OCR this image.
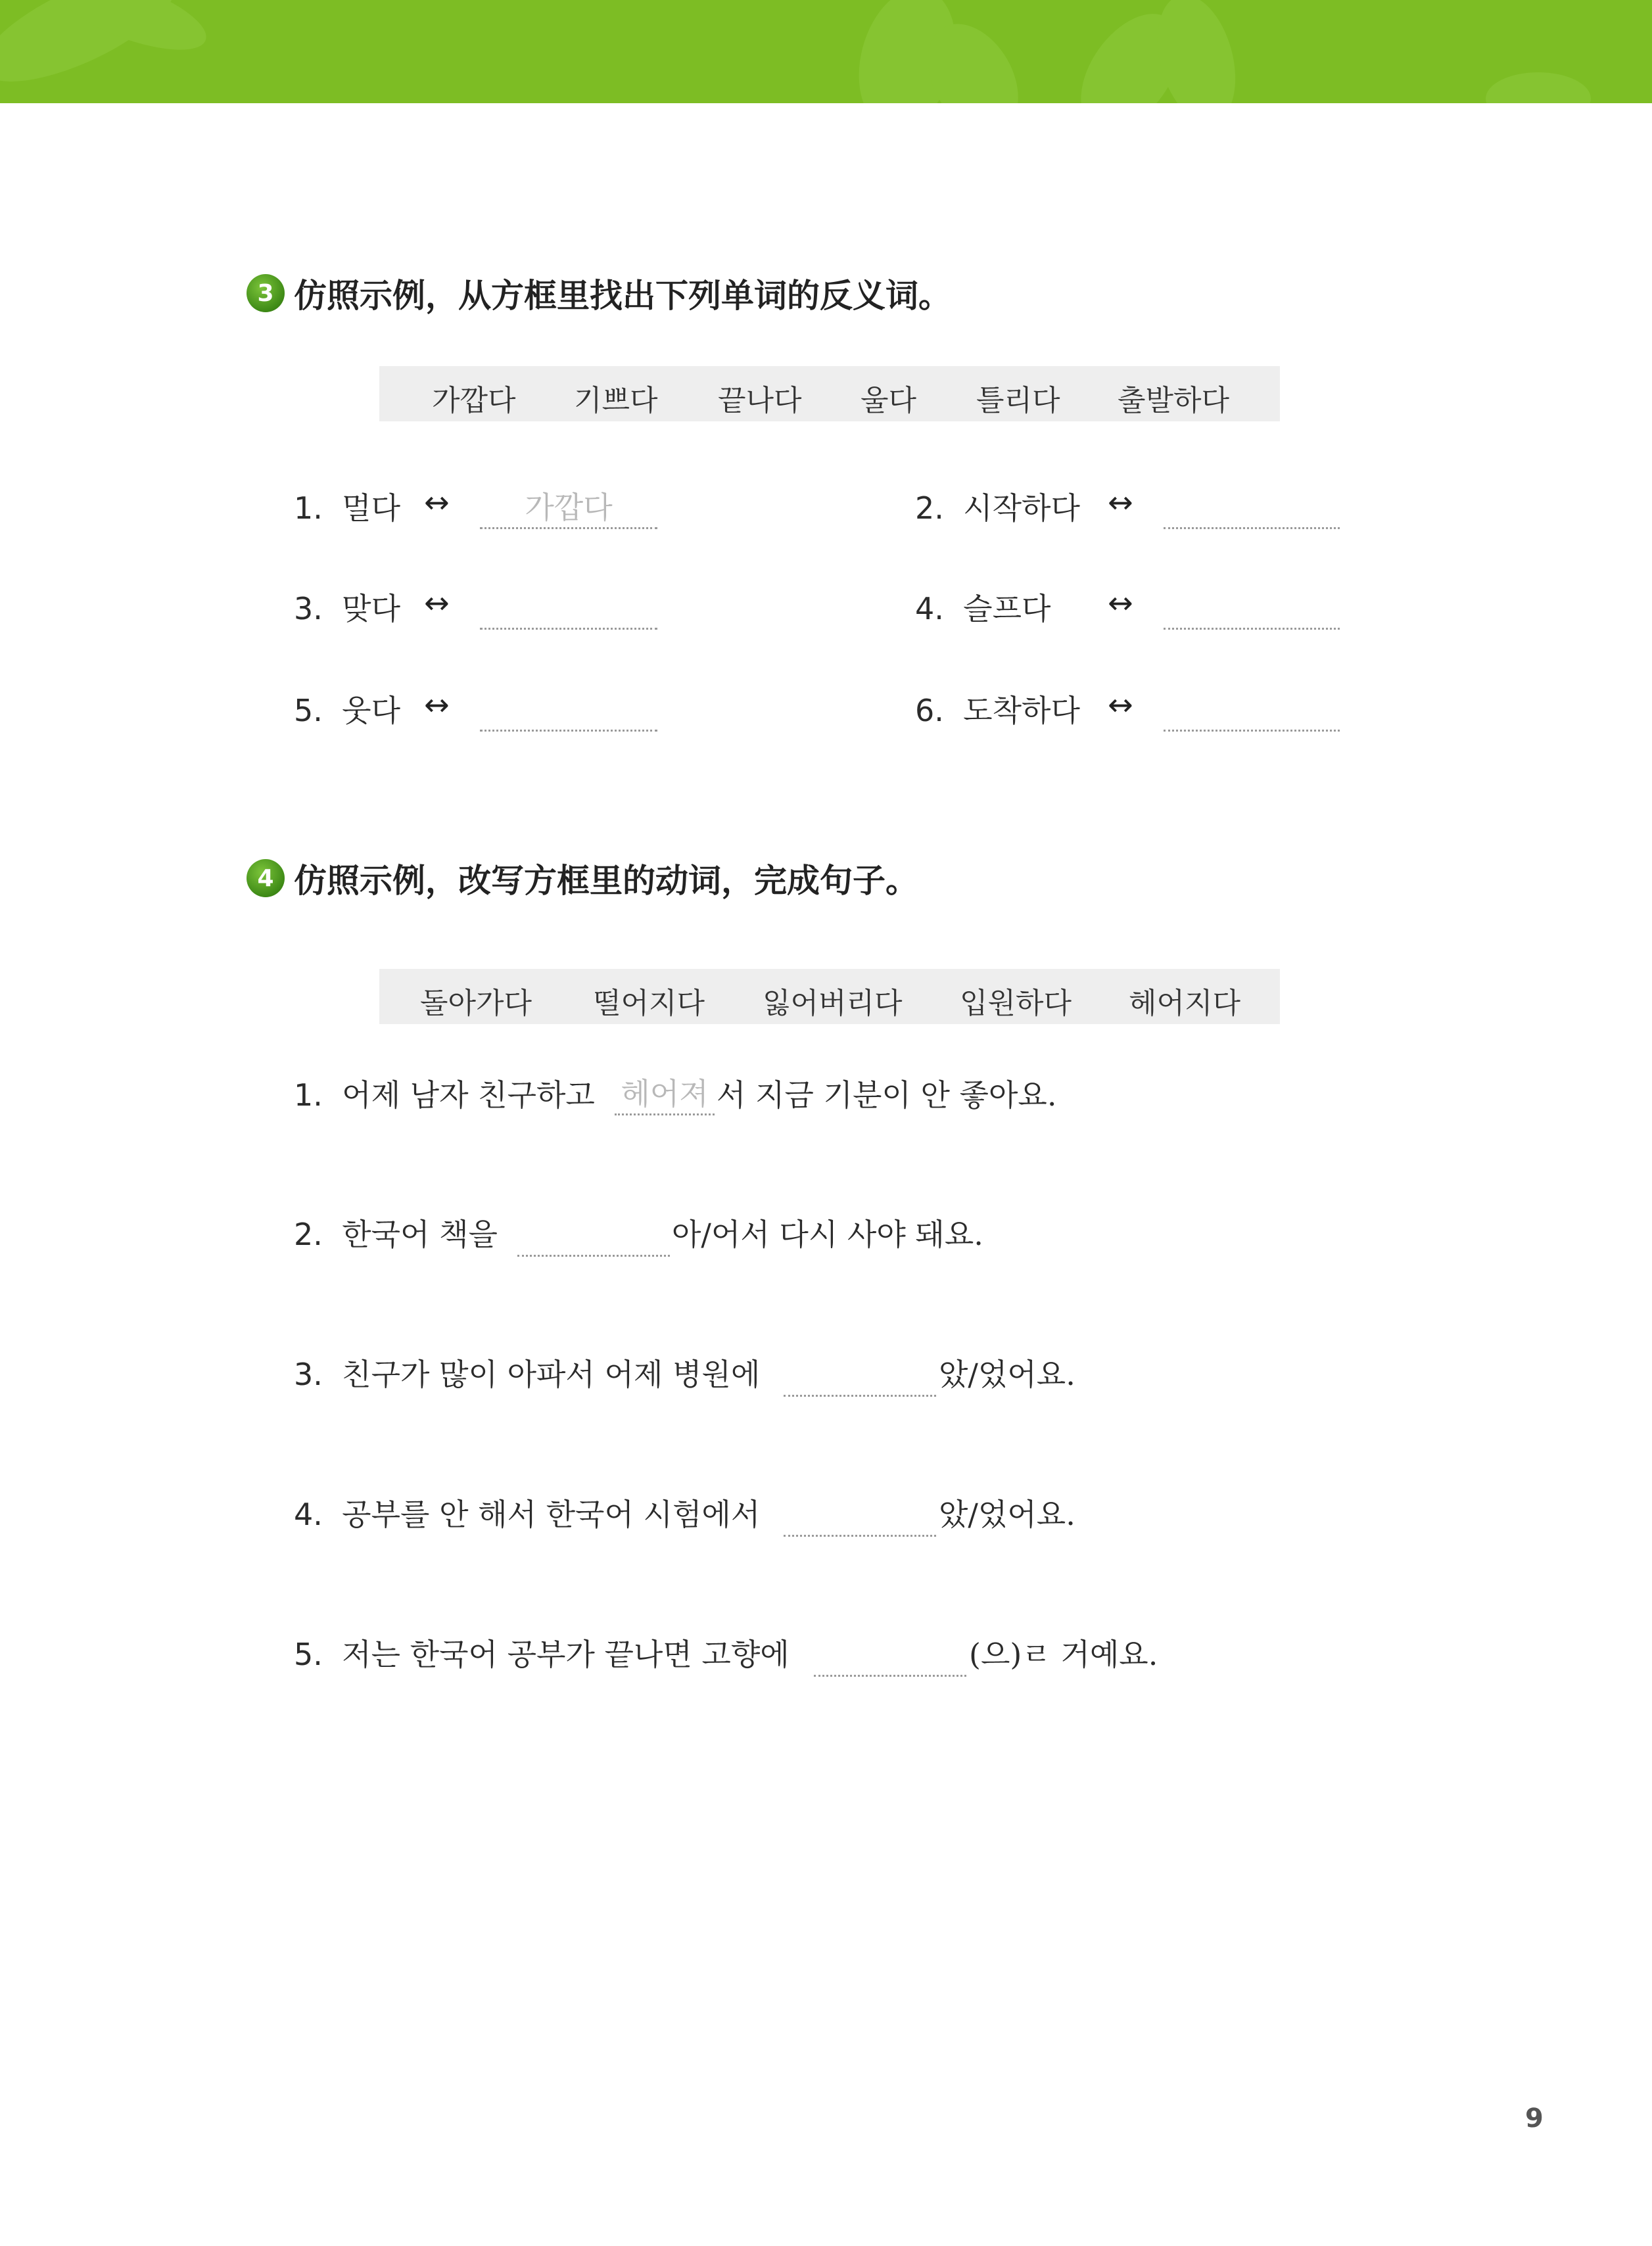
3 仿照示例，从方框里找出下列单词的反义词。
가깝다 기쁘다 끝나다 울다 틀리다 출발하다
1. 멀다 ↔	가깝다
3. 맞다 ↔
5. 웃다 ↔
2. 시작하다 ↔
4. 슬프다 ↔
6. 도착하다 ↔
4 仿照示例，改写方框里的动词，完成句子。
돌아가다 떨어지다 잃어버리다 입원하다 헤어지다
1. 어제 남자 친구하고 헤어져 서 지금 기분이 안 좋아요.
2. 한국어 책을	아/어서 다시 사야 돼요.
3. 친구가 많이 아파서 어제 병원에	았/었어요.
4. 공부를 안 해서 한국어 시험에서	았/었어요.
5. 저는 한국어 공부가 끝나면 고향에	(으)ㄹ 거예요.
9
